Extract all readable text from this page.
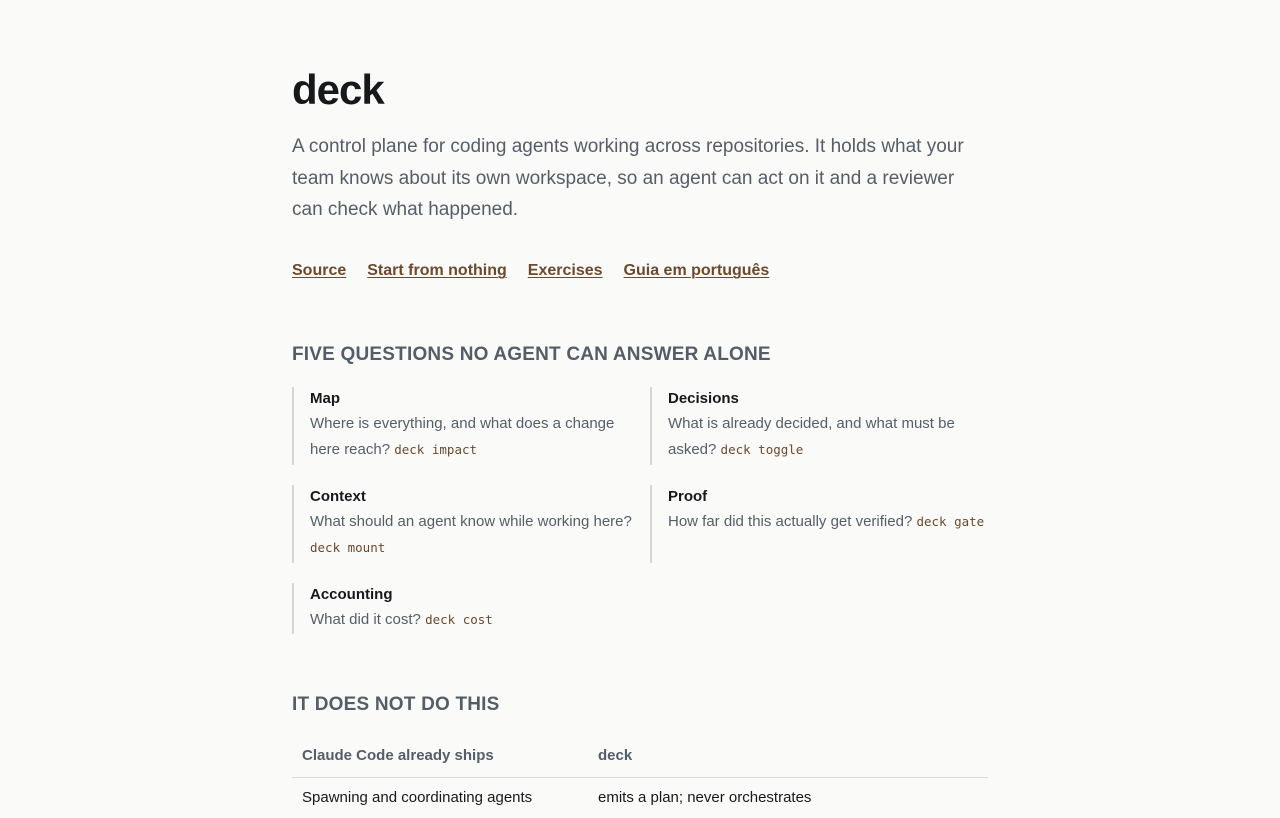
deck

A control plane for coding agents working across repositories. It holds what your team knows about its own workspace, so an agent can act on it and a reviewer can check what happened.

Source Start from nothing Exercises Guia em português
FIVE QUESTIONS NO AGENT CAN ANSWER ALONE
Map
Where is everything, and what does a change here reach? deck impact
Decisions
What is already decided, and what must be asked? deck toggle
Context
What should an agent know while working here? deck mount
Proof
How far did this actually get verified? deck gate
Accounting
What did it cost? deck cost
IT DOES NOT DO THIS
Claude Code already ships	deck
Spawning and coordinating agents	emits a plan; never orchestrates
